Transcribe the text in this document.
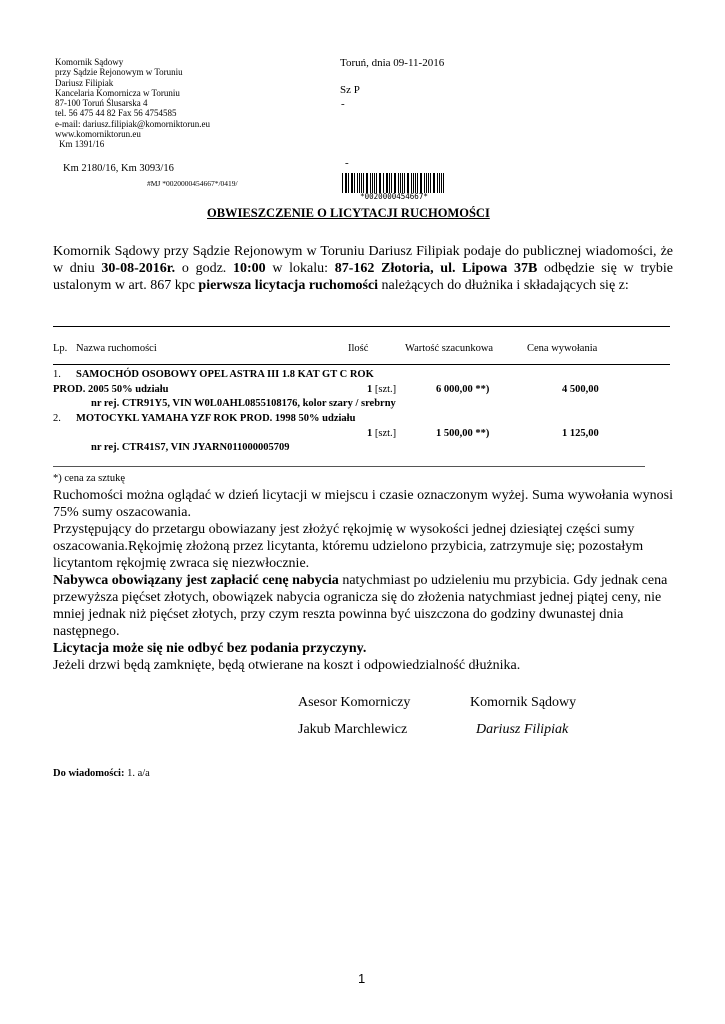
Komornik Sądowy
przy Sądzie Rejonowym w Toruniu
Dariusz Filipiak
Kancelaria Komornicza w Toruniu
87-100 Toruń Ślusarska 4
tel. 56 475 44 82 Fax 56 4754585
e-mail: dariusz.filipiak@komorniktorun.eu
www.komorniktorun.eu
Km 1391/16
Km 2180/16, Km 3093/16
#MJ *0020000454667*/0419/
Toruń, dnia 09-11-2016
Sz P
-
-
*0020000454667*
OBWIESZCZENIE O LICYTACJI RUCHOMOŚCI
Komornik Sądowy przy Sądzie Rejonowym w Toruniu Dariusz Filipiak podaje do publicznej wiadomości, że w dniu 30-08-2016r. o godz. 10:00 w lokalu: 87-162 Złotoria, ul. Lipowa 37B odbędzie się w trybie ustalonym w art. 867 kpc pierwsza licytacja ruchomości należących do dłużnika i składających się z:
Lp. Nazwa ruchomości	Ilość	Wartość szacunkowa	Cena wywołania
1. SAMOCHÓD OSOBOWY OPEL ASTRA III 1.8 KAT GT C ROK
PROD. 2005 50% udziału	1 [szt.]	6 000,00 **)	4 500,00
nr rej. CTR91Y5, VIN W0L0AHL0855108176, kolor szary / srebrny
2. MOTOCYKL YAMAHA YZF ROK PROD. 1998 50% udziału
1 [szt.]	1 500,00 **)	1 125,00
nr rej. CTR41S7, VIN JYARN011000005709
*) cena za sztukę
Ruchomości można oglądać w dzień licytacji w miejscu i czasie oznaczonym wyżej. Suma wywołania wynosi 75% sumy oszacowania.
Przystępujący do przetargu obowiazany jest złożyć rękojmię w wysokości jednej dziesiątej części sumy oszacowania.Rękojmię złożoną przez licytanta, któremu udzielono przybicia, zatrzymuje się; pozostałym licytantom rękojmię zwraca się niezwłocznie.
Nabywca obowiązany jest zapłacić cenę nabycia natychmiast po udzieleniu mu przybicia. Gdy jednak cena przewyższa pięćset złotych, obowiązek nabycia ogranicza się do złożenia natychmiast jednej piątej ceny, nie mniej jednak niż pięćset złotych, przy czym reszta powinna być uiszczona do godziny dwunastej dnia następnego.
Licytacja może się nie odbyć bez podania przyczyny.
Jeżeli drzwi będą zamknięte, będą otwierane na koszt i odpowiedzialność dłużnika.
Asesor Komorniczy	Komornik Sądowy
Jakub Marchlewicz	Dariusz Filipiak
Do wiadomości: 1. a/a
1
